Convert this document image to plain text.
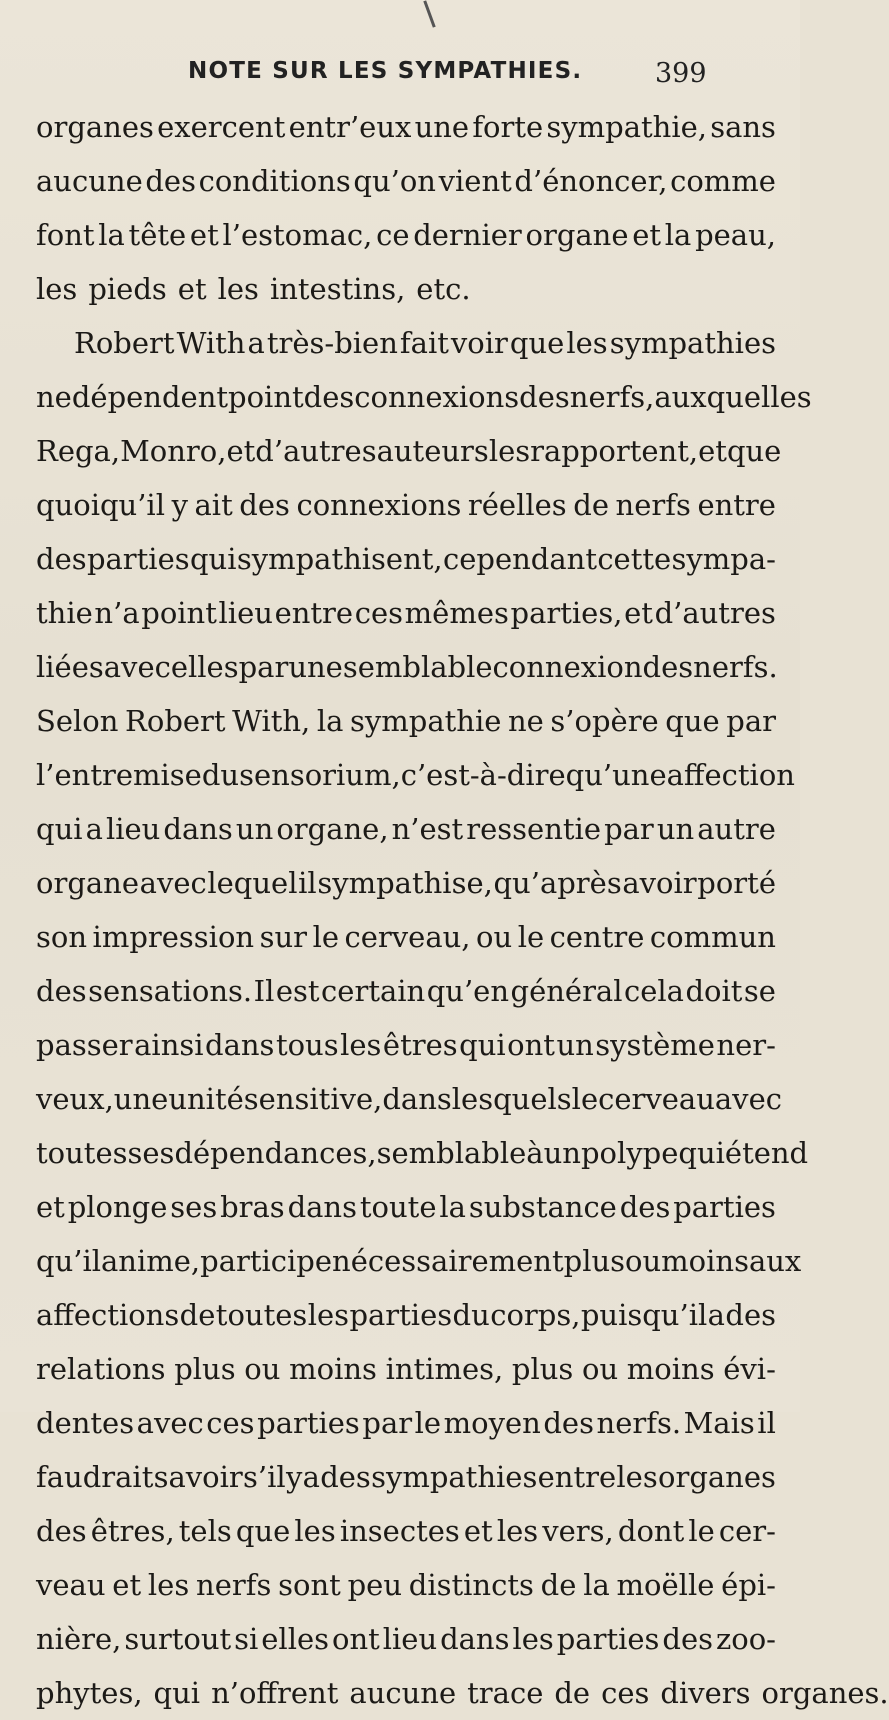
NOTE SUR LES SYMPATHIES.	399
organes exercent entr’eux une forte sympathie, sans
aucune des conditions qu’on vient d’énoncer, comme
font la tête et l’estomac, ce dernier organe et la peau,
les pieds et les intestins, etc.
Robert With a très-bien fait voir que les sympathies
ne dépendent point des connexions des nerfs, auxquelles
Rega, Monro, et d’autres auteurs les rapportent, et que
quoiqu’il y ait des connexions réelles de nerfs entre
des parties qui sympathisent, cependant cette sympa-
thie n’a point lieu entre ces mêmes parties, et d’autres
liées avec elles par une semblable connexion des nerfs.
Selon Robert With, la sympathie ne s’opère que par
l’entremise du sensorium, c’est-à-dire qu’une affection
qui a lieu dans un organe, n’est ressentie par un autre
organe avec lequel il sympathise, qu’après avoir porté
son impression sur le cerveau, ou le centre commun
des sensations. Il est certain qu’en général cela doit se
passer ainsi dans tous les êtres qui ont un système ner-
veux, une unité sensitive, dans lesquels le cerveau avec
toutes ses dépendances, semblable à un polype qui étend
et plonge ses bras dans toute la substance des parties
qu’il anime, participe nécessairement plus ou moins aux
affections de toutes les parties du corps, puisqu’il a des
relations plus ou moins intimes, plus ou moins évi-
dentes avec ces parties par le moyen des nerfs. Mais il
faudrait savoir s’il y a des sympathies entre les organes
des êtres, tels que les insectes et les vers, dont le cer-
veau et les nerfs sont peu distincts de la moëlle épi-
nière, surtout si elles ont lieu dans les parties des zoo-
phytes, qui n’offrent aucune trace de ces divers organes.
